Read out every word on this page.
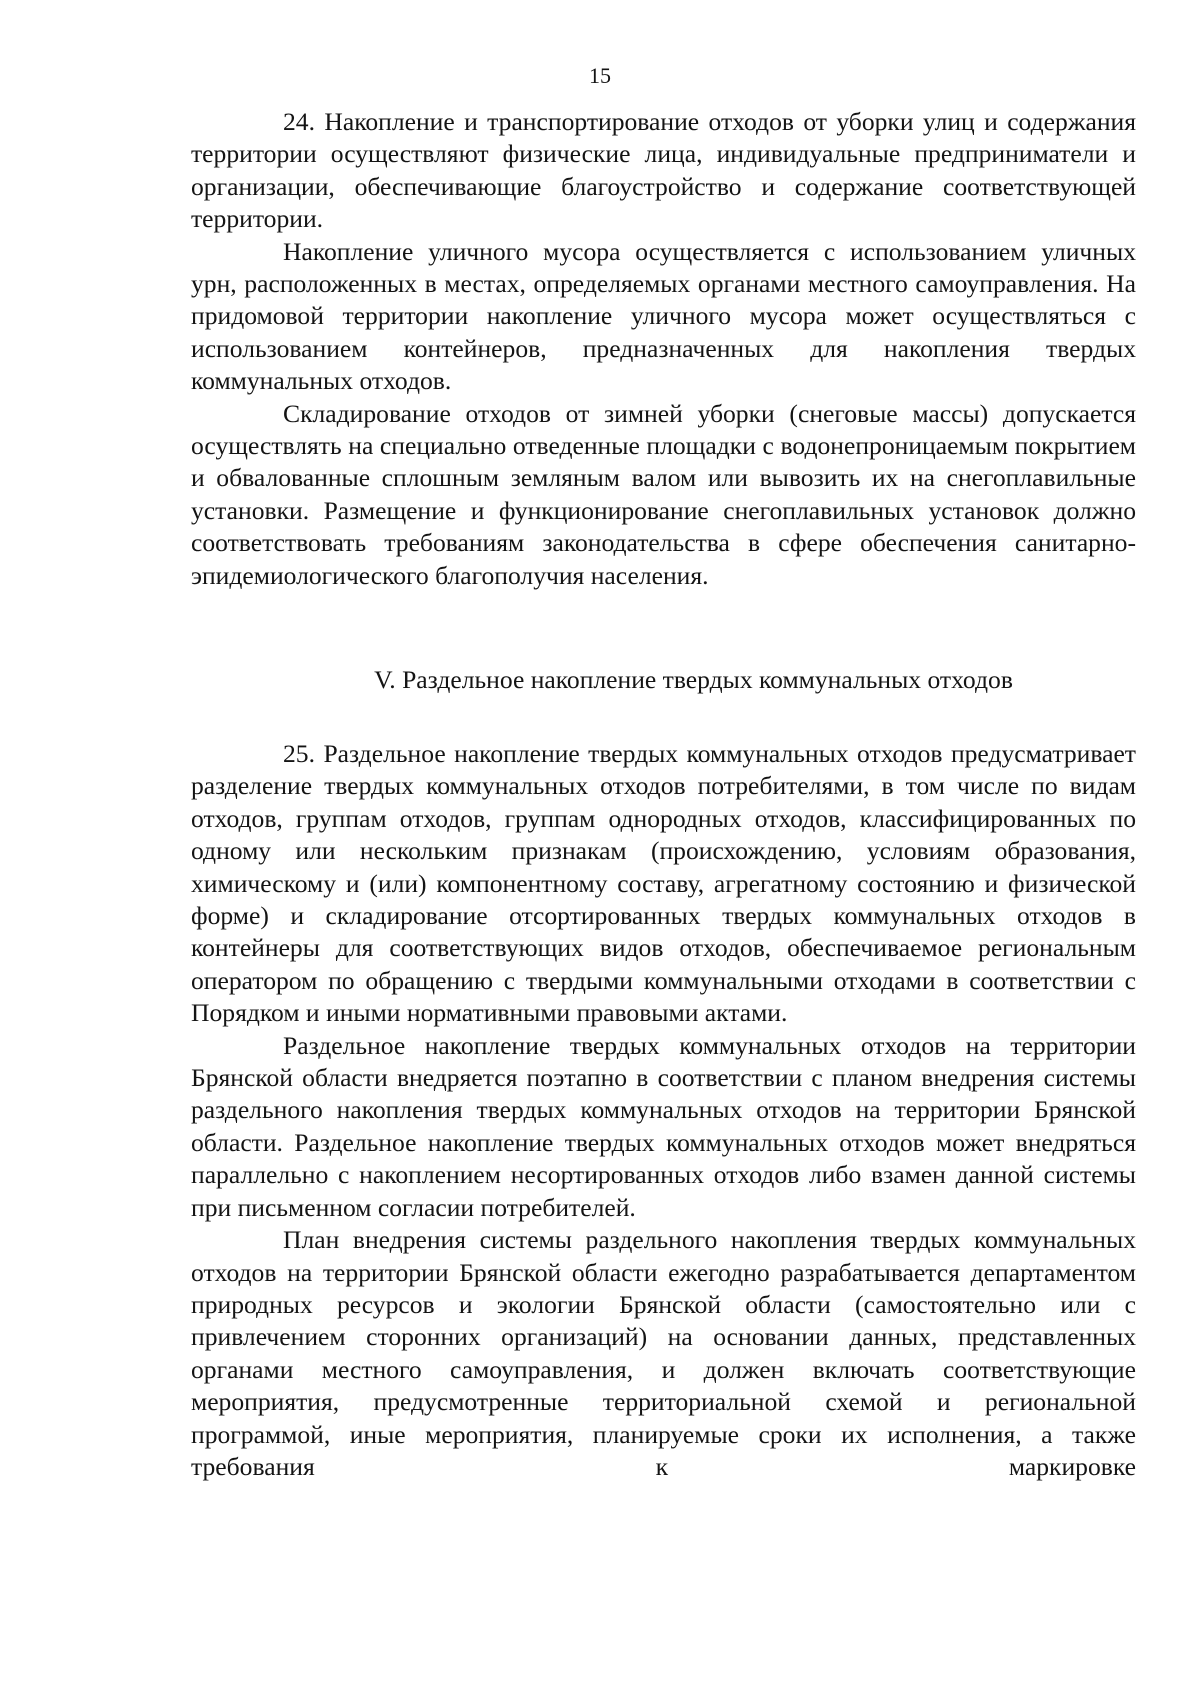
15

24. Накопление и транспортирование отходов от уборки улиц и содержания территории осуществляют физические лица, индивидуальные предприниматели и организации, обеспечивающие благоустройство и содержание соответствующей территории.

Накопление уличного мусора осуществляется с использованием уличных урн, расположенных в местах, определяемых органами местного самоуправления. На придомовой территории накопление уличного мусора может осуществляться с использованием контейнеров, предназначенных для накопления твердых коммунальных отходов.

Складирование отходов от зимней уборки (снеговые массы) допускается осуществлять на специально отведенные площадки с водонепроницаемым покрытием и обвалованные сплошным земляным валом или вывозить их на снегоплавильные установки. Размещение и функционирование снегоплавильных установок должно соответствовать требованиям законодательства в сфере обеспечения санитарно-эпидемиологического благополучия населения.

V. Раздельное накопление твердых коммунальных отходов

25. Раздельное накопление твердых коммунальных отходов предусматривает разделение твердых коммунальных отходов потребителями, в том числе по видам отходов, группам отходов, группам однородных отходов, классифицированных по одному или нескольким признакам (происхождению, условиям образования, химическому и (или) компонентному составу, агрегатному состоянию и физической форме) и складирование отсортированных твердых коммунальных отходов в контейнеры для соответствующих видов отходов, обеспечиваемое региональным оператором по обращению с твердыми коммунальными отходами в соответствии с Порядком и иными нормативными правовыми актами.

Раздельное накопление твердых коммунальных отходов на территории Брянской области внедряется поэтапно в соответствии с планом внедрения системы раздельного накопления твердых коммунальных отходов на территории Брянской области. Раздельное накопление твердых коммунальных отходов может внедряться параллельно с накоплением несортированных отходов либо взамен данной системы при письменном согласии потребителей.

План внедрения системы раздельного накопления твердых коммунальных отходов на территории Брянской области ежегодно разрабатывается департаментом природных ресурсов и экологии Брянской области (самостоятельно или с привлечением сторонних организаций) на основании данных, представленных органами местного самоуправления, и должен включать соответствующие мероприятия, предусмотренные территориальной схемой и региональной программой, иные мероприятия, планируемые сроки их исполнения, а также требования к маркировке
